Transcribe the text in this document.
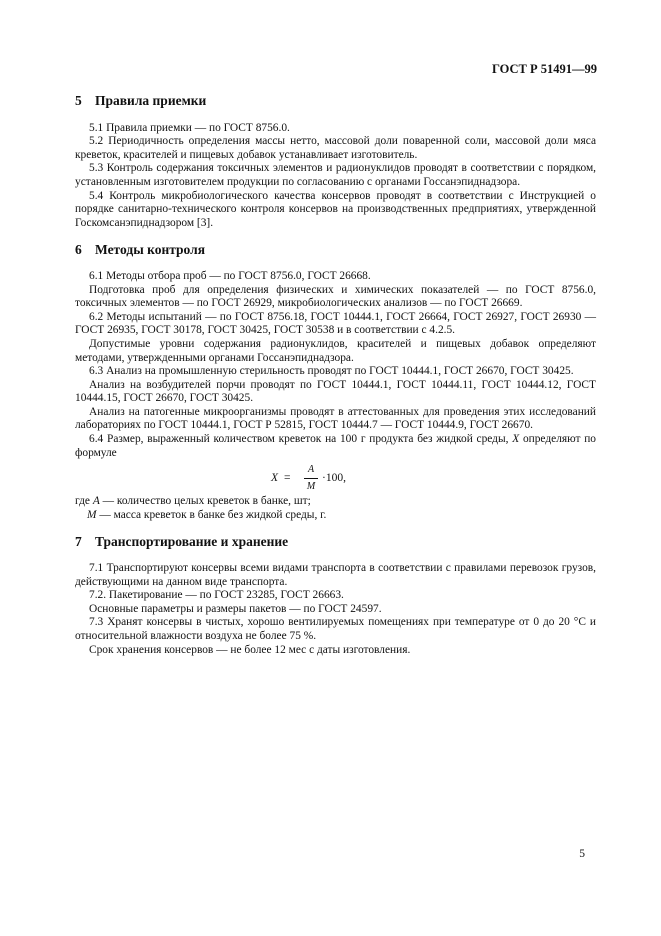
ГОСТ Р 51491—99
5 Правила приемки

5.1 Правила приемки — по ГОСТ 8756.0.

5.2 Периодичность определения массы нетто, массовой доли поваренной соли, массовой доли мяса креветок, красителей и пищевых добавок устанавливает изготовитель.

5.3 Контроль содержания токсичных элементов и радионуклидов проводят в соответствии с порядком, установленным изготовителем продукции по согласованию с органами Госсанэпиднадзора.

5.4 Контроль микробиологического качества консервов проводят в соответствии с Инструкцией о порядке санитарно-технического контроля консервов на производственных предприятиях, утвержденной Госкомсанэпиднадзором [3].

6 Методы контроля

6.1 Методы отбора проб — по ГОСТ 8756.0, ГОСТ 26668.

Подготовка проб для определения физических и химических показателей — по ГОСТ 8756.0, токсичных элементов — по ГОСТ 26929, микробиологических анализов — по ГОСТ 26669.

6.2 Методы испытаний — по ГОСТ 8756.18, ГОСТ 10444.1, ГОСТ 26664, ГОСТ 26927, ГОСТ 26930 — ГОСТ 26935, ГОСТ 30178, ГОСТ 30425, ГОСТ 30538 и в соответствии с 4.2.5.

Допустимые уровни содержания радионуклидов, красителей и пищевых добавок определяют методами, утвержденными органами Госсанэпиднадзора.

6.3 Анализ на промышленную стерильность проводят по ГОСТ 10444.1, ГОСТ 26670, ГОСТ 30425.

Анализ на возбудителей порчи проводят по ГОСТ 10444.1, ГОСТ 10444.11, ГОСТ 10444.12, ГОСТ 10444.15, ГОСТ 26670, ГОСТ 30425.

Анализ на патогенные микроорганизмы проводят в аттестованных для проведения этих исследований лабораториях по ГОСТ 10444.1, ГОСТ Р 52815, ГОСТ 10444.7 — ГОСТ 10444.9, ГОСТ 26670.

6.4 Размер, выраженный количеством креветок на 100 г продукта без жидкой среды, X определяют по формуле

X =
A
M
·100,

где A — количество целых креветок в банке, шт;

M — масса креветок в банке без жидкой среды, г.

7 Транспортирование и хранение

7.1 Транспортируют консервы всеми видами транспорта в соответствии с правилами перевозок грузов, действующими на данном виде транспорта.

7.2. Пакетирование — по ГОСТ 23285, ГОСТ 26663.

Основные параметры и размеры пакетов — по ГОСТ 24597.

7.3 Хранят консервы в чистых, хорошо вентилируемых помещениях при температуре от 0 до 20 °С и относительной влажности воздуха не более 75 %.

Срок хранения консервов — не более 12 мес с даты изготовления.

5
